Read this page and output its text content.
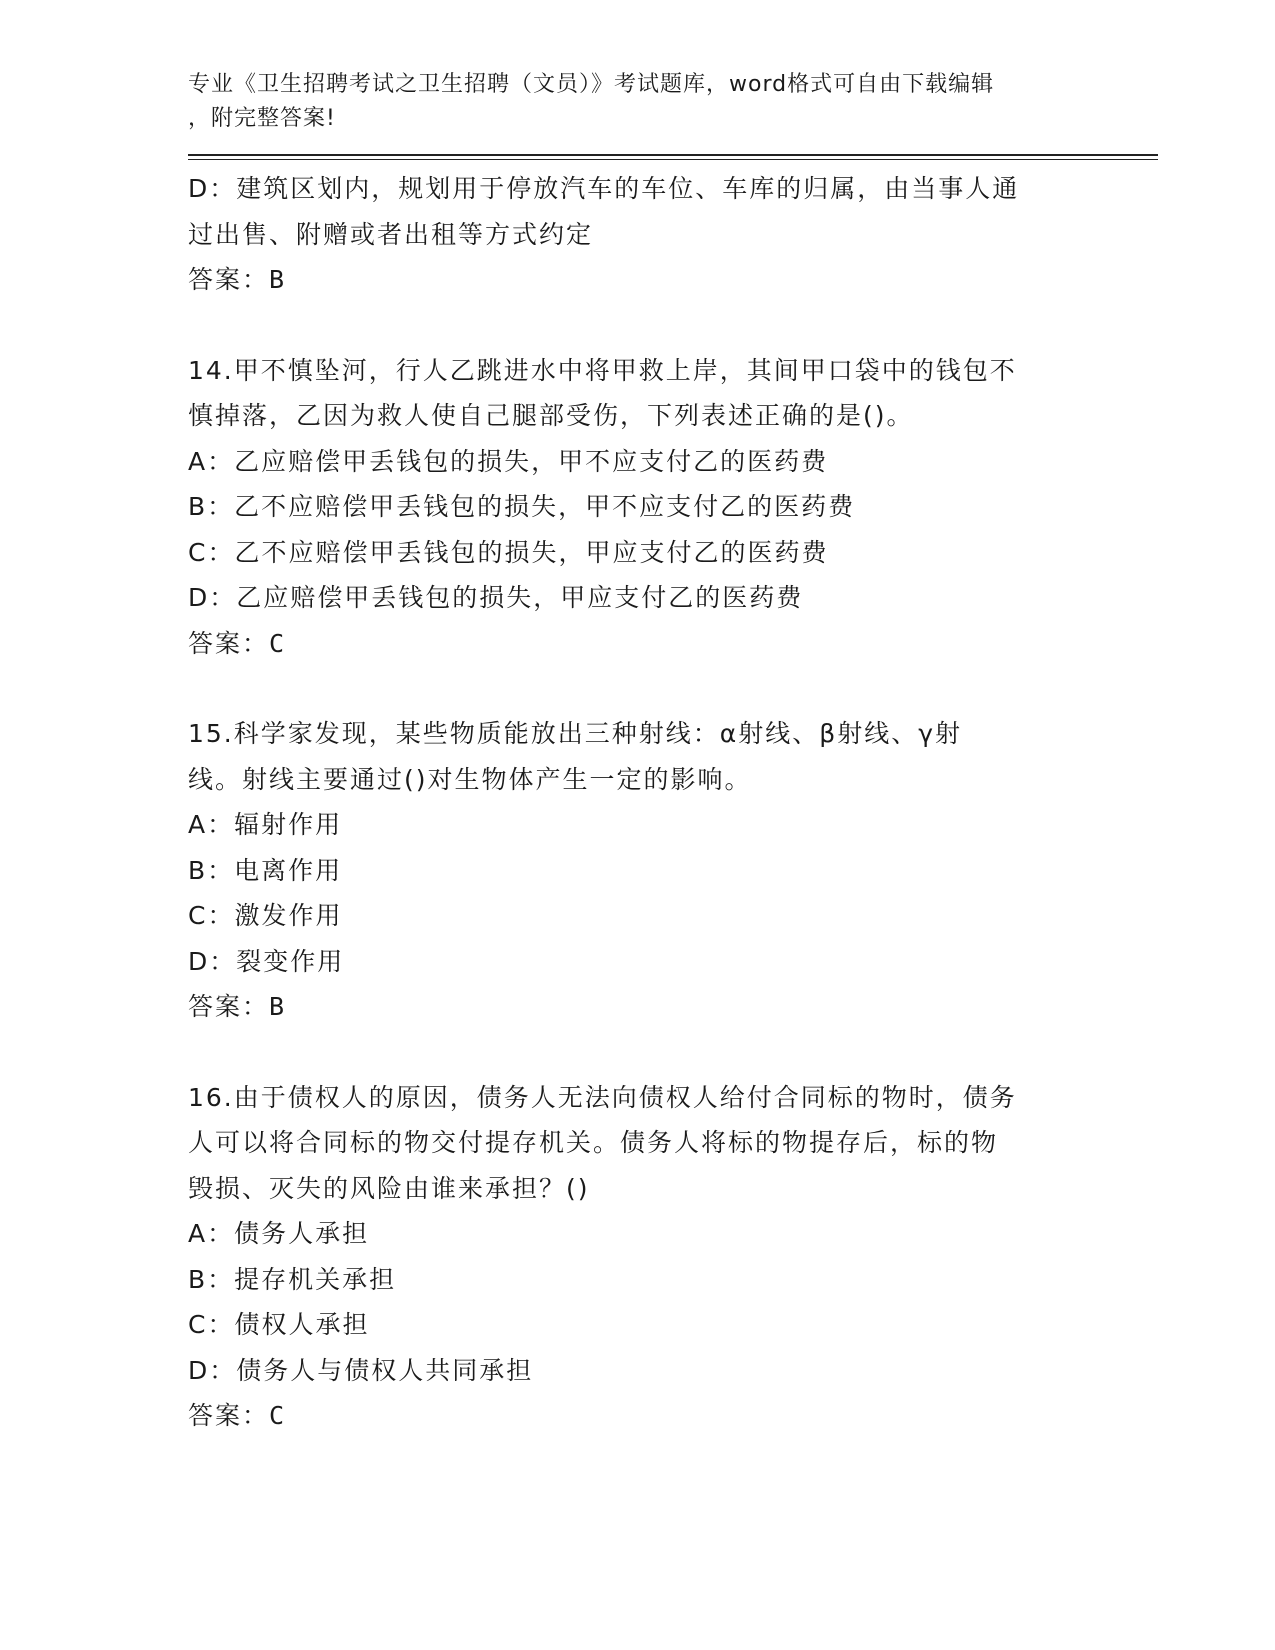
专业《卫生招聘考试之卫生招聘（文员）》考试题库，word格式可自由下载编辑
，附完整答案!
D：建筑区划内，规划用于停放汽车的车位、车库的归属，由当事人通
过出售、附赠或者出租等方式约定
答案：B
14.甲不慎坠河，行人乙跳进水中将甲救上岸，其间甲口袋中的钱包不
慎掉落，乙因为救人使自己腿部受伤，下列表述正确的是()。
A：乙应赔偿甲丢钱包的损失，甲不应支付乙的医药费
B：乙不应赔偿甲丢钱包的损失，甲不应支付乙的医药费
C：乙不应赔偿甲丢钱包的损失，甲应支付乙的医药费
D：乙应赔偿甲丢钱包的损失，甲应支付乙的医药费
答案：C
15.科学家发现，某些物质能放出三种射线：α射线、β射线、γ射
线。射线主要通过()对生物体产生一定的影响。
A：辐射作用
B：电离作用
C：激发作用
D：裂变作用
答案：B
16.由于债权人的原因，债务人无法向债权人给付合同标的物时，债务
人可以将合同标的物交付提存机关。债务人将标的物提存后，标的物
毁损、灭失的风险由谁来承担？()
A：债务人承担
B：提存机关承担
C：债权人承担
D：债务人与债权人共同承担
答案：C
